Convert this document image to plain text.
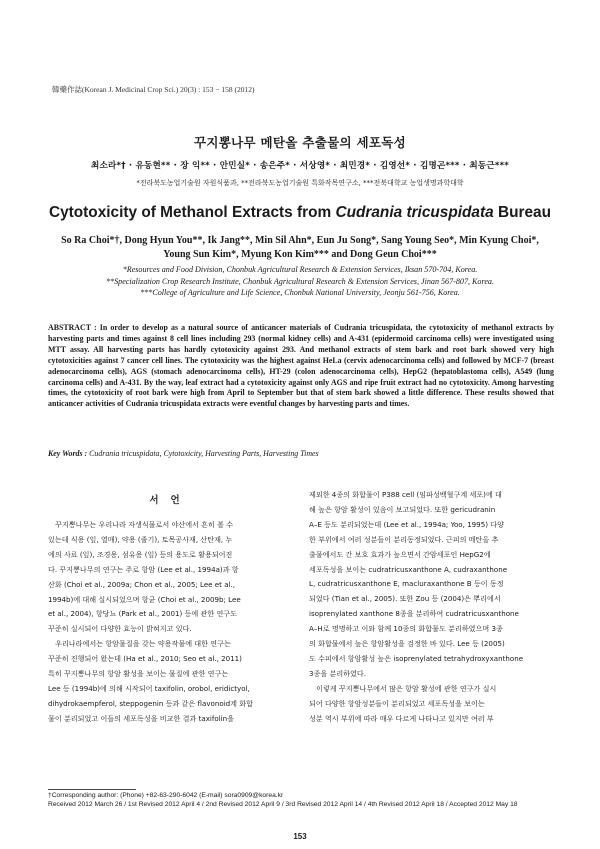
韓藥作誌(Korean J. Medicinal Crop Sci.) 20(3) : 153 − 158 (2012)
꾸지뽕나무 메탄올 추출물의 세포독성
최소라*† · 유동현** · 장 익** · 안민실* · 송은주* · 서상영* · 최민경* · 김영선* · 김명곤*** · 최동근***
*전라북도농업기술원 자원식품과, **전라북도농업기술원 특화작목연구소, ***전북대학교 농업생명과학대학
Cytotoxicity of Methanol Extracts from Cudrania tricuspidata Bureau
So Ra Choi*†, Dong Hyun You**, Ik Jang**, Min Sil Ahn*, Eun Ju Song*, Sang Young Seo*, Min Kyung Choi*,
Young Sun Kim*, Myung Kon Kim*** and Dong Geun Choi***
*Resources and Food Division, Chonbuk Agricultural Research & Extension Services, Iksan 570-704, Korea.
**Specialization Crop Research Institute, Chonbuk Agricultural Research & Extension Services, Jinan 567-807, Korea.
***College of Agriculture and Life Science, Chonbuk National University, Jeonju 561-756, Korea.
ABSTRACT : In order to develop as a natural source of anticancer materials of Cudrania tricuspidata, the cytotoxicity of methanol extracts by harvesting parts and times against 8 cell lines including 293 (normal kidney cells) and A-431 (epidermoid carcinoma cells) were investigated using MTT assay. All harvesting parts has hardly cytotoxicity against 293. And methanol extracts of stem bark and root bark showed very high cytotoxicities against 7 cancer cell lines. The cytotoxicity was the highest against HeLa (cervix adenocarcinoma cells) and followed by MCF-7 (breast adenocarcinoma cells), AGS (stomach adenocarcinoma cells), HT-29 (colon adenocarcinoma cells), HepG2 (hepatoblastoma cells), A549 (lung carcinoma cells) and A-431. By the way, leaf extract had a cytotoxicity against only AGS and ripe fruit extract had no cytotoxicity. Among harvesting times, the cytotoxicity of root bark were high from April to September but that of stem bark showed a little difference. These results showed that anticancer activities of Cudrania tricuspidata extracts were eventful changes by harvesting parts and times.
Key Words : Cudrania tricuspidata, Cytotoxicity, Harvesting Parts, Harvesting Times
서언
　꾸지뽕나무는 우리나라 자생식물로서 야산에서 흔히 볼 수
있는데 식용 (잎, 열매), 약용 (줄기), 토목공사재, 산탄재, 누
에의 사료 (잎), 조경용, 섬유용 (잎) 등의 용도로 활용되어진
다. 꾸지뽕나무의 연구는 주로 항암 (Lee et al., 1994a)과 항
산화 (Choi et al., 2009a; Chon et al., 2005; Lee et al.,
1994b)에 대해 실시되었으며 항균 (Choi et al., 2009b; Lee
et al., 2004), 항당뇨 (Park et al., 2001) 등에 관한 연구도
꾸준히 실시되어 다양한 효능이 밝혀지고 있다.
　우리나라에서는 항암물질을 갖는 약용작물에 대한 연구는
꾸준히 진행되어 왔는데 (Ha et al., 2010; Seo et al., 2011)
특히 꾸지뽕나무의 항암 활성을 보이는 물질에 관한 연구는
Lee 등 (1994b)에 의해 시작되어 taxifolin, orobol, eridictyol,
dihydrokaempferol, steppogenin 등과 같은 flavonoid계 화합
물이 분리되었고 이들의 세포독성을 비교한 결과 taxifolin을
제외한 4종의 화합물이 P388 cell (임파성백혈구계 세포)에 대
해 높은 항암 활성이 있음이 보고되었다. 또한 gericudranin
A–E 등도 분리되었는데 (Lee et al., 1994a; Yoo, 1995) 다양
한 부위에서 여러 성분들이 분리동정되었다. 근피의 메탄올 추
출물에서도 간 보호 효과가 높으면서 간암세포인 HepG2에
세포독성을 보이는 cudratricusxanthone A, cudraxanthone
L, cudratricusxanthone E, macluraxanthone B 등이 동정
되었다 (Tian et al., 2005). 또한 Zou 등 (2004)은 뿌리에서
isoprenylated xanthone 8종을 분리하여 cudratricusxanthone
A–H로 명명하고 이와 함께 10종의 화합물도 분리하였으며 3종
의 화합물에서 높은 항암활성을 검정한 바 있다. Lee 등 (2005)
도 수피에서 항암활성 높은 isoprenylated tetrahydroxyxanthone
3종을 분리하였다.
　이렇게 꾸지뽕나무에서 많은 항암 활성에 관한 연구가 실시
되어 다양한 항암성분들이 분리되었고 세포독성을 보이는
성분 역시 부위에 따라 매우 다르게 나타나고 있지만 여러 부
†Corresponding author: (Phone) +82-63-290-6042 (E-mail) sora0909@korea.kr
Received 2012 March 26 / 1st Revised 2012 April 4 / 2nd Revised 2012 April 9 / 3rd Revised 2012 April 14 / 4th Revised 2012 April 18 / Accepted 2012 May 18
153
